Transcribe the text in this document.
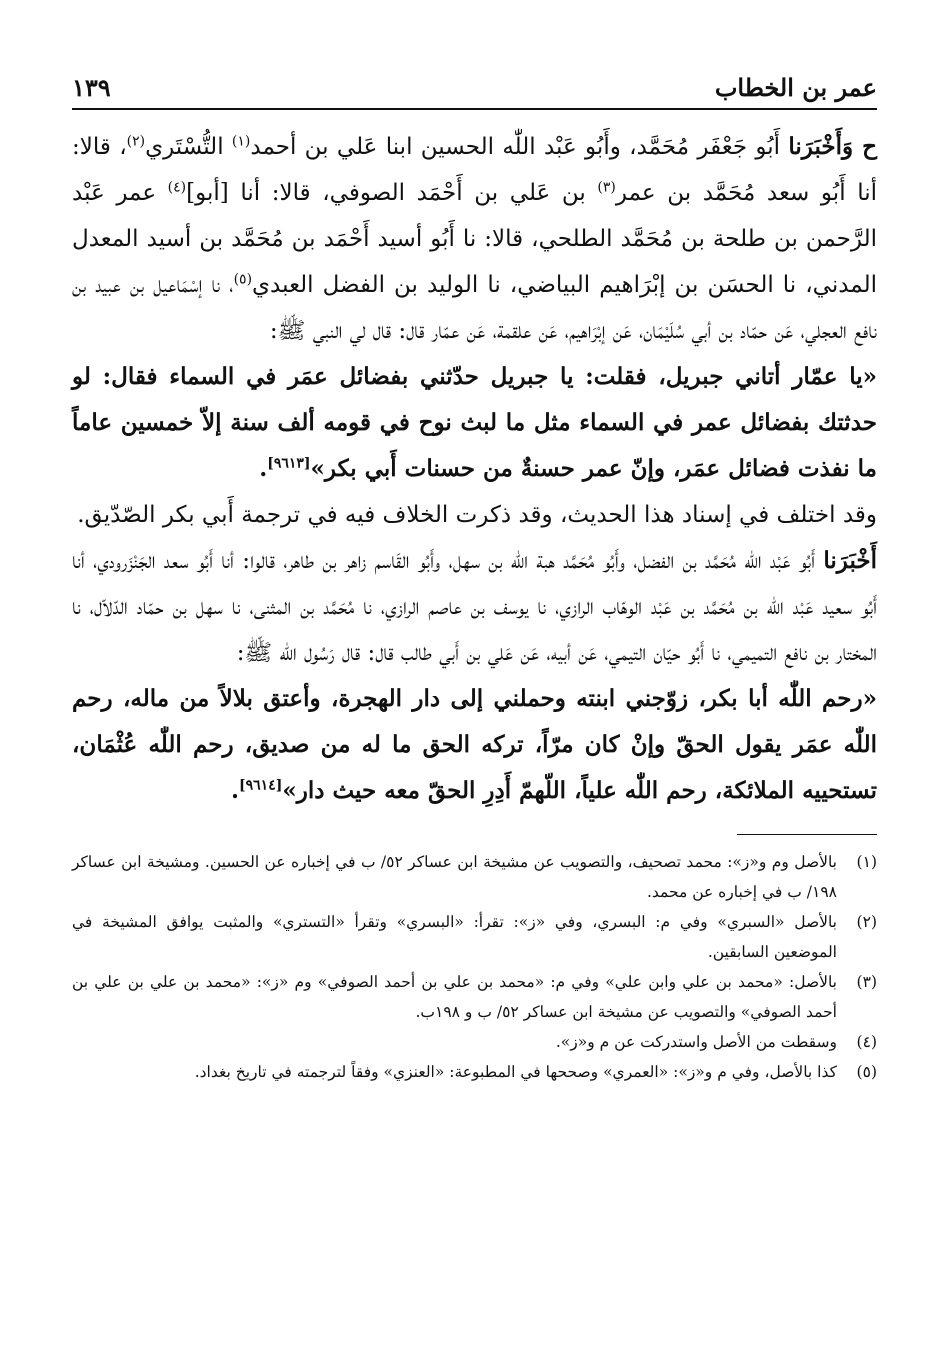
عمر بن الخطاب
١٣٩

ح وَأَخْبَرَنا أَبُو جَعْفَر مُحَمَّد، وأَبُو عَبْد اللّٰه الحسين ابنا عَلي بن أحمد$^{(١)}$ التُّسْتَري$^{(٢)}$، قالا: أنا أَبُو سعد مُحَمَّد بن عمر$^{(٣)}$ بن عَلي بن أَحْمَد الصوفي، قالا: أنا [أبو]$^{(٤)}$ عمر عَبْد الرَّحمن بن طلحة بن مُحَمَّد الطلحي، قالا: نا أَبُو أسيد أَحْمَد بن مُحَمَّد بن أسيد المعدل المدني، نا الحسَن بن إبْرَاهيم البياضي، نا الوليد بن الفضل العبدي$^{(٥)}$، نا إسْمَاعيل بن عبيد بن نافع العجلي، عَن حمّاد بن أبي سُلَيْمَان، عَن إبْرَاهيم، عَن علقمة، عَن عمّار قال: قال لي النبي ﷺ:

«يا عمّار أتاني جبريل، فقلت: يا جبريل حدّثني بفضائل عمَر في السماء فقال: لو حدثتك بفضائل عمر في السماء مثل ما لبث نوح في قومه ألف سنة إلاّ خمسين عاماً ما نفذت فضائل عمَر، وإنّ عمر حسنةٌ من حسنات أَبي بكر»[٩٦١٣].

وقد اختلف في إسناد هذا الحديث، وقد ذكرت الخلاف فيه في ترجمة أَبي بكر الصّدّيق.

أَخْبَرَنا أَبُو عَبْد اللّٰه مُحَمَّد بن الفضل، وأَبُو مُحَمَّد هبة اللّٰه بن سهل، وأَبُو القَاسم زاهر بن طاهر، قالوا: أنا أَبُو سعد الجَنْزَرودي، أنا أَبُو سعيد عَبْد اللّٰه بن مُحَمَّد بن عَبْد الوهّاب الرازي، نا يوسف بن عاصم الرازي، نا مُحَمَّد بن المثنى، نا سهل بن حمّاد الدّلاّل، نا المختار بن نافع التميمي، نا أَبُو حيّان التيمي، عَن أبيه، عَن عَلي بن أَبي طالب قال: قال رَسُول اللّٰه ﷺ:

«رحم اللّٰه أبا بكر، زوّجني ابنته وحملني إلى دار الهجرة، وأعتق بلالاً من ماله، رحم اللّٰه عمَر يقول الحقّ وإنْ كان مرّاً، تركه الحق ما له من صديق، رحم اللّٰه عُثْمَان، تستحييه الملائكة، رحم اللّٰه علياً، اللّهمّ أَدِرِ الحقّ معه حيث دار»[٩٦١٤].

(١)
بالأصل وم و«ز»: محمد تصحيف، والتصويب عن مشيخة ابن عساكر ٥٢/ ب في إخباره عن الحسين. ومشيخة ابن عساكر ١٩٨/ ب في إخباره عن محمد.

(٢)
بالأصل «السبري» وفي م: البسري، وفي «ز»: تقرأ: «البسري» وتقرأ «التستري» والمثبت يوافق المشيخة في الموضعين السابقين.

(٣)
بالأصل: «محمد بن علي وابن علي» وفي م: «محمد بن علي بن أحمد الصوفي» وم «ز»: «محمد بن علي بن علي بن أحمد الصوفي» والتصويب عن مشيخة ابن عساكر ٥٢/ ب و ١٩٨ب.

(٤)
وسقطت من الأصل واستدركت عن م و«ز».

(٥)
كذا بالأصل، وفي م و«ز»: «العمري» وصححها في المطبوعة: «العنزي» وفقاً لترجمته في تاريخ بغداد.
